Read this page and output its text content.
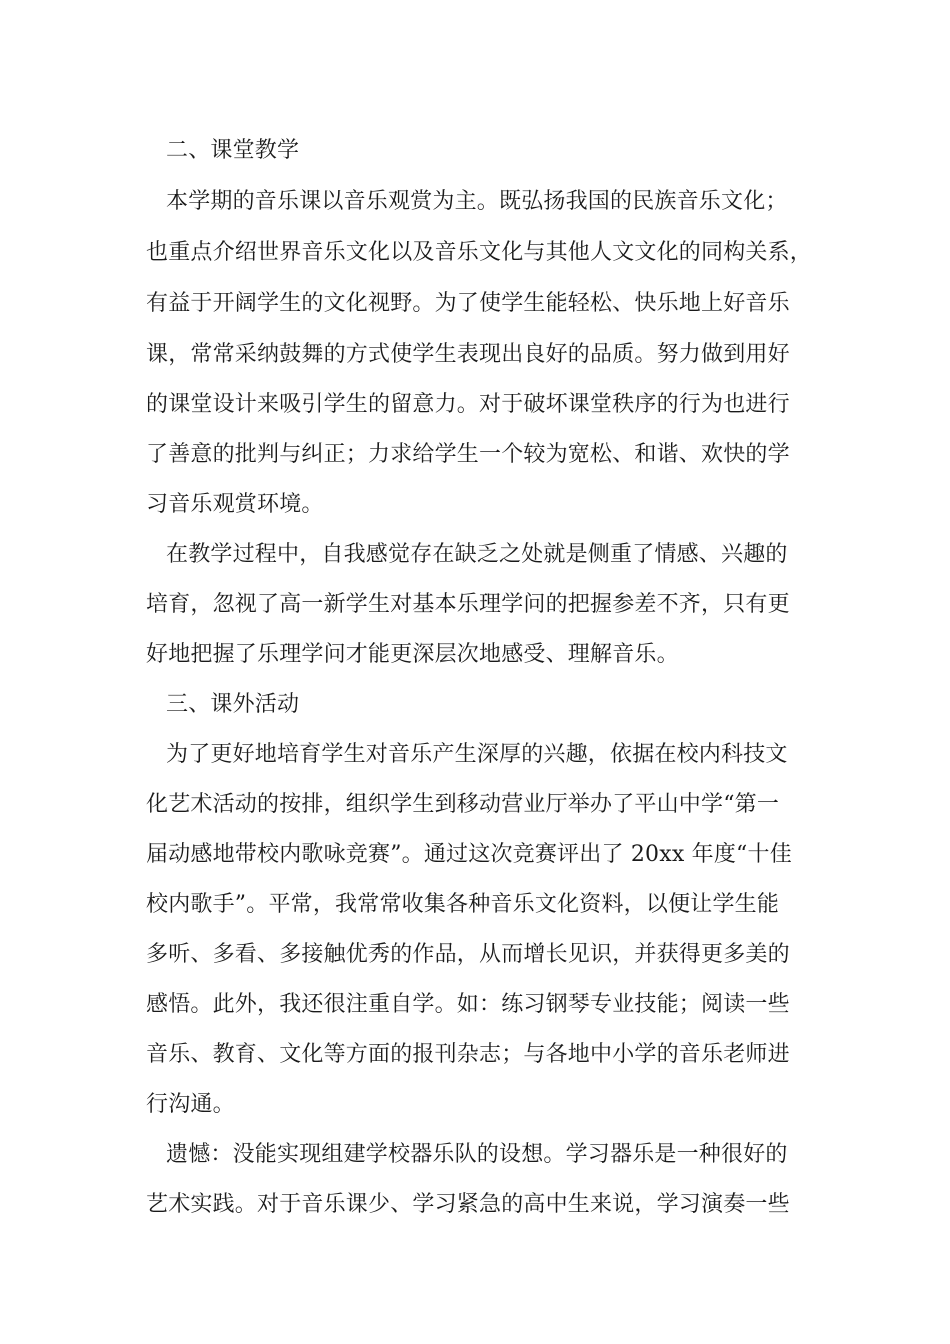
二、课堂教学
本学期的音乐课以音乐观赏为主。既弘扬我国的民族音乐文化；
也重点介绍世界音乐文化以及音乐文化与其他人文文化的同构关系，
有益于开阔学生的文化视野。为了使学生能轻松、快乐地上好音乐
课，常常采纳鼓舞的方式使学生表现出良好的品质。努力做到用好
的课堂设计来吸引学生的留意力。对于破坏课堂秩序的行为也进行
了善意的批判与纠正；力求给学生一个较为宽松、和谐、欢快的学
习音乐观赏环境。
在教学过程中，自我感觉存在缺乏之处就是侧重了情感、兴趣的
培育，忽视了高一新学生对基本乐理学问的把握参差不齐，只有更
好地把握了乐理学问才能更深层次地感受、理解音乐。
三、课外活动
为了更好地培育学生对音乐产生深厚的兴趣，依据在校内科技文
化艺术活动的按排，组织学生到移动营业厅举办了平山中学“第一
届动感地带校内歌咏竞赛”。通过这次竞赛评出了 20xx 年度“十佳
校内歌手”。平常，我常常收集各种音乐文化资料，以便让学生能
多听、多看、多接触优秀的作品，从而增长见识，并获得更多美的
感悟。此外，我还很注重自学。如：练习钢琴专业技能；阅读一些
音乐、教育、文化等方面的报刊杂志；与各地中小学的音乐老师进
行沟通。
遗憾：没能实现组建学校器乐队的设想。学习器乐是一种很好的
艺术实践。对于音乐课少、学习紧急的高中生来说，学习演奏一些
